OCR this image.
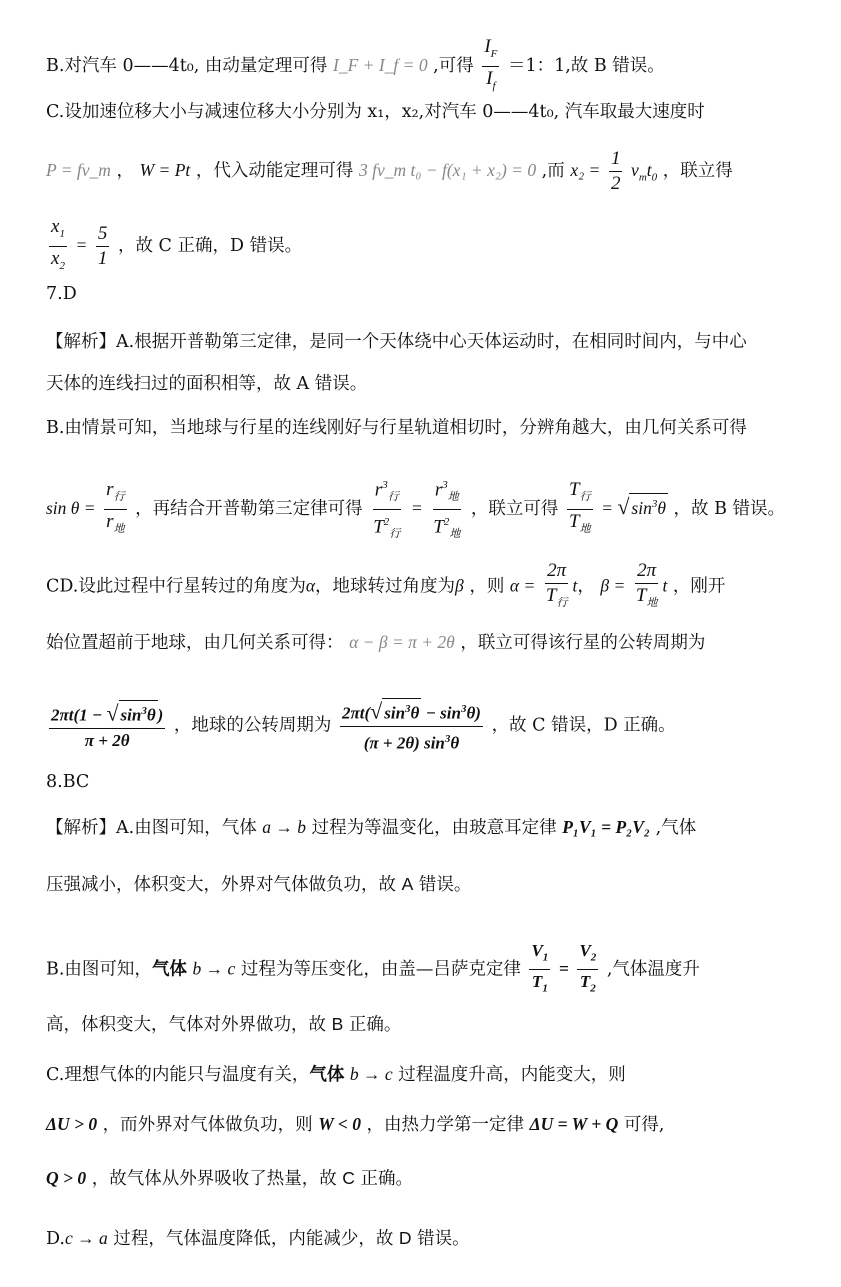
B.对汽车 0——4t₀, 由动量定理可得 I_F + I_f = 0 ,可得 $\frac{I_F}{I_f} =1$：1,故 B 错误。
C.设加速位移大小与减速位移大小分别为 x₁，x₂,对汽车 0——4t₀, 汽车取最大速度时
P = fv_m ， W = Pt ，代入动能定理可得 3 fv_m t₀ − f(x₁ + x₂) = 0 ,而 $x_2 = \frac{1}{2} v_mt_0$ ，联立得
$\frac{x_1}{x_2} = \frac{5}{1}$ ，故 C 正确，D 错误。
7.D
【解析】A.根据开普勒第三定律，是同一个天体绕中心天体运动时，在相同时间内，与中心
天体的连线扫过的面积相等，故 A 错误。
B.由情景可知，当地球与行星的连线刚好与行星轨道相切时，分辨角越大，由几何关系可得
$\sin \theta = \frac{r_行}{r_地}$ ，再结合开普勒第三定律可得 $\frac{r^3_行}{T^2_行} = \frac{r^3_地}{T^2_地}$ ，联立可得 $\frac{T_行}{T_地}$ = √ $\sin^3\theta$ ，故 B 错误。
CD.设此过程中行星转过的角度为α，地球转过角度为β ，则 $\alpha = \frac{2\pi}{T_行}$ t， $\beta = \frac{2\pi}{T_地}$ t ，刚开
始位置超前于地球，由几何关系可得： α − β = π + 2θ ，联立可得该行星的公转周期为
$\frac{2\pi t(1 - √ \sin^3\theta )}{\pi + 2\theta}$ ，地球的公转周期为 $\frac{2\pi t(√ \sin^3\theta - \sin^3\theta)}{(\pi + 2\theta) \sin^3\theta}$ ，故 C 错误，D 正确。
8.BC
【解析】A.由图可知，气体 a → b 过程为等温变化，由玻意耳定律 P₁V₁ = P₂V₂ ,气体
压强减小，体积变大，外界对气体做负功，故 A 错误。
B.由图可知，气体 b → c 过程为等压变化，由盖—吕萨克定律 $\frac{V_1}{T_1} = \frac{V_2}{T_2}$ ,气体温度升
高，体积变大，气体对外界做功，故 B 正确。
C.理想气体的内能只与温度有关，气体 b → c 过程温度升高，内能变大，则
ΔU > 0 ，而外界对气体做负功，则 W < 0 ，由热力学第一定律 ΔU = W + Q 可得,
Q > 0 ，故气体从外界吸收了热量，故 C 正确。
D.c → a 过程，气体温度降低，内能减少，故 D 错误。
